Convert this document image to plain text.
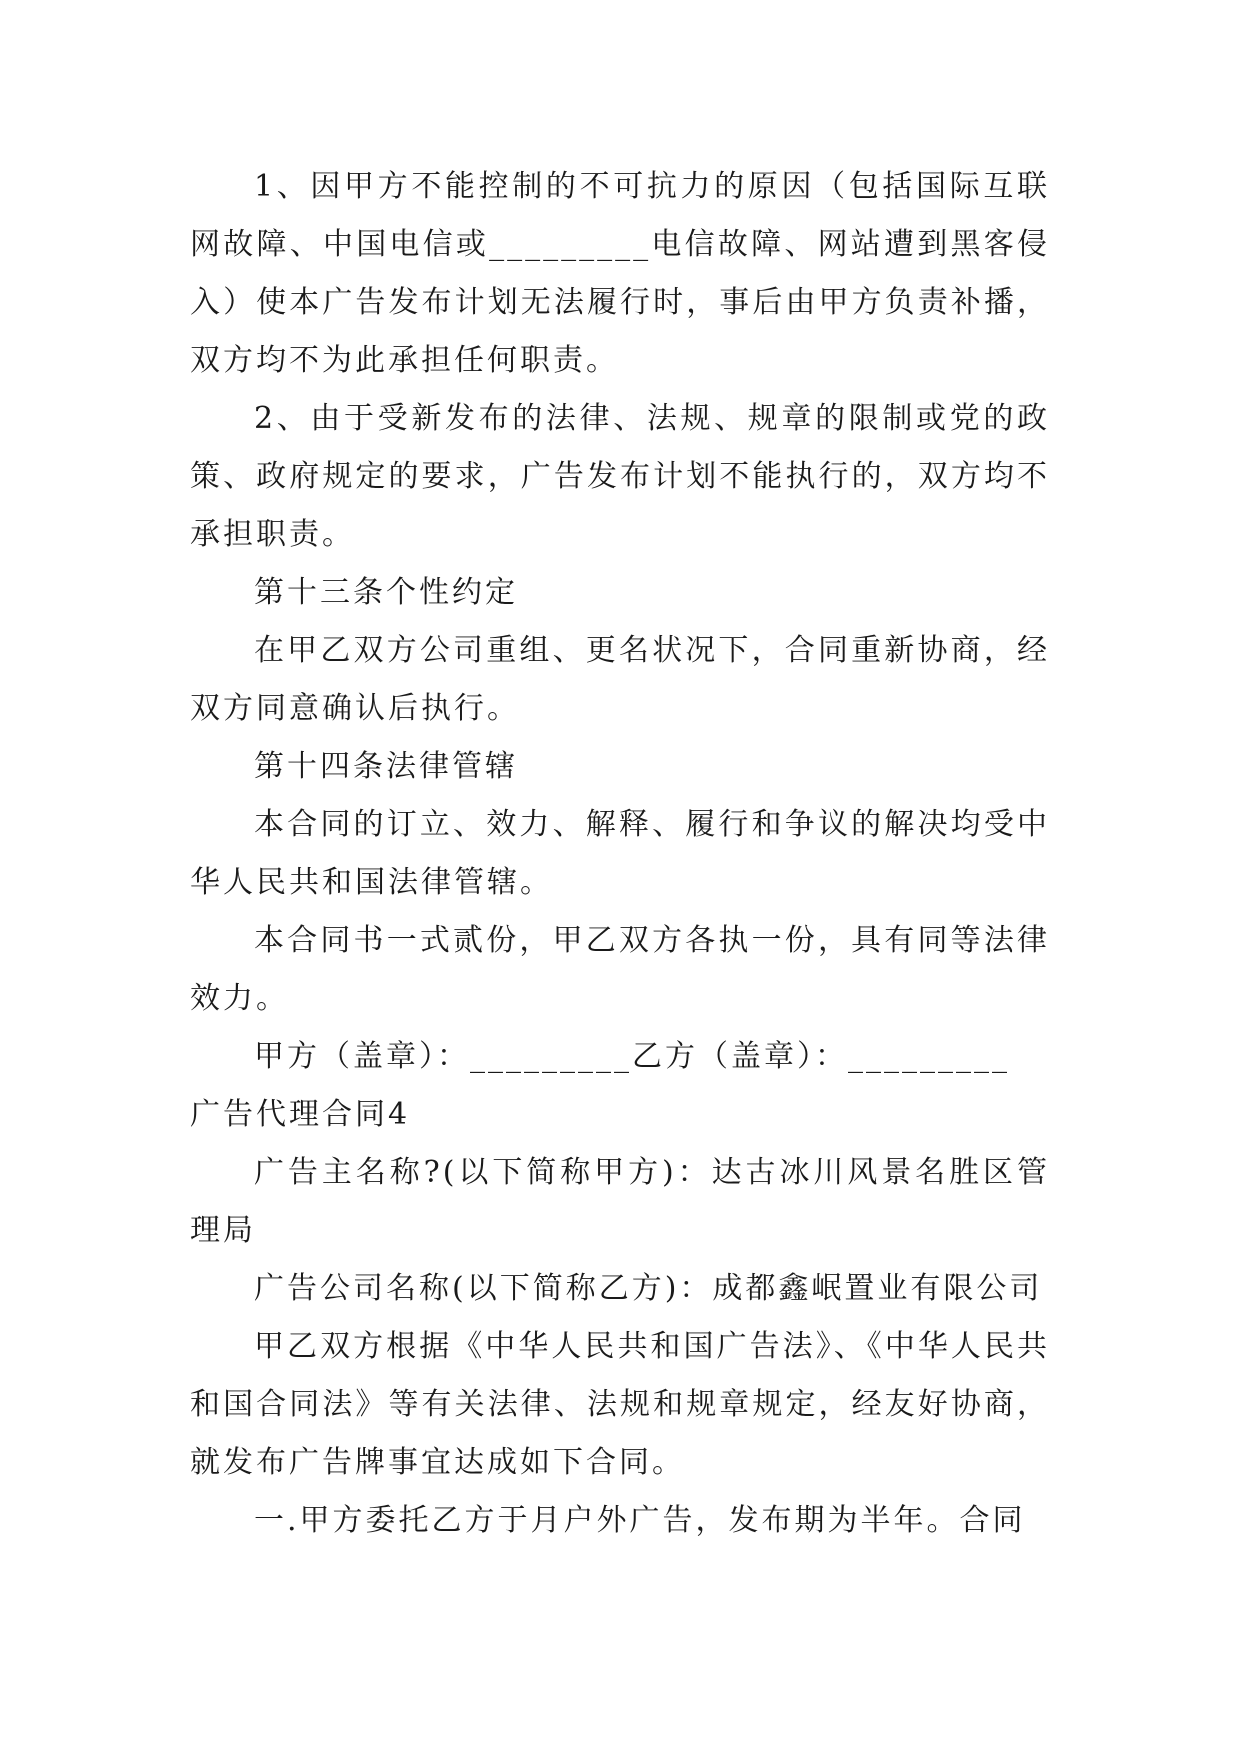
1、因甲方不能控制的不可抗力的原因（包括国际互联网故障、中国电信或_________电信故障、网站遭到黑客侵入）使本广告发布计划无法履行时，事后由甲方负责补播，双方均不为此承担任何职责。

2、由于受新发布的法律、法规、规章的限制或党的政策、政府规定的要求，广告发布计划不能执行的，双方均不承担职责。

第十三条个性约定

在甲乙双方公司重组、更名状况下，合同重新协商，经双方同意确认后执行。

第十四条法律管辖

本合同的订立、效力、解释、履行和争议的解决均受中华人民共和国法律管辖。

本合同书一式贰份，甲乙双方各执一份，具有同等法律效力。

甲方（盖章）：_________乙方（盖章）：_________

广告代理合同4

广告主名称?(以下简称甲方)：达古冰川风景名胜区管理局

广告公司名称(以下简称乙方)：成都鑫岷置业有限公司

甲乙双方根据《中华人民共和国广告法》、《中华人民共和国合同法》等有关法律、法规和规章规定，经友好协商，就发布广告牌事宜达成如下合同。

一.甲方委托乙方于月户外广告，发布期为半年。合同
